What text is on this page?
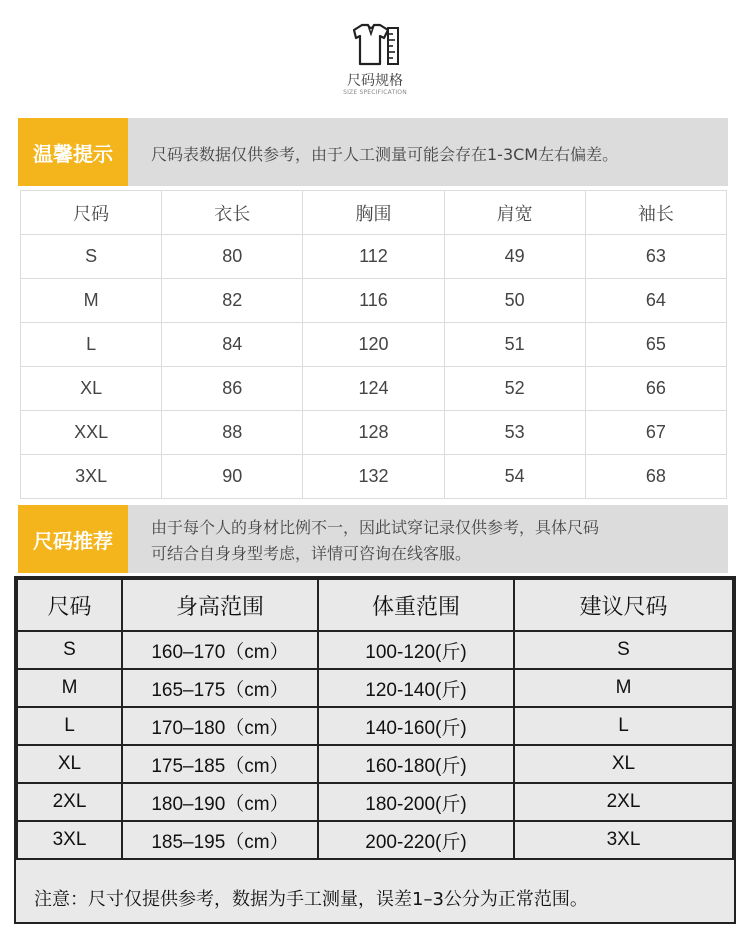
尺码规格
SIZE SPECIFICATION
温馨提示	尺码表数据仅供参考，由于人工测量可能会存在1-3CM左右偏差。
尺码	衣长	胸围	肩宽	袖长
S	80	112	49	63
M	82	116	50	64
L	84	120	51	65
XL	86	124	52	66
XXL	88	128	53	67
3XL	90	132	54	68
尺码推荐
由于每个人的身材比例不一，因此试穿记录仅供参考，具体尺码
可结合自身身型考虑，详情可咨询在线客服。
尺码	身高范围	体重范围	建议尺码
S	160–170（cm）	100-120(斤)	S
M	165–175（cm）	120-140(斤)	M
L	170–180（cm）	140-160(斤)	L
XL	175–185（cm）	160-180(斤)	XL
2XL	180–190（cm）	180-200(斤)	2XL
3XL	185–195（cm）	200-220(斤)	3XL
注意：尺寸仅提供参考，数据为手工测量，误差1–3公分为正常范围。
